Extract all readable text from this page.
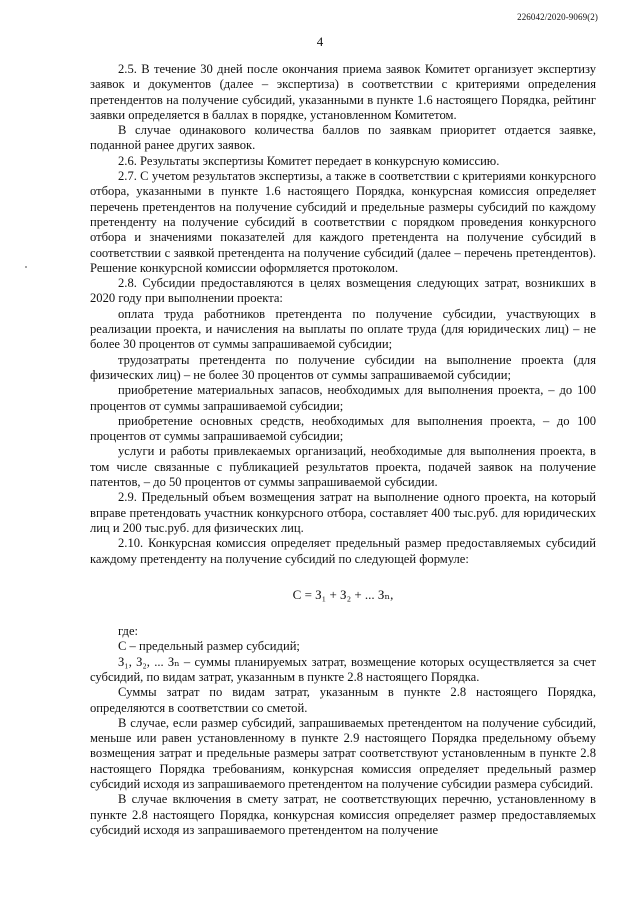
226042/2020-9069(2)
4

2.5. В течение 30 дней после окончания приема заявок Комитет организует экспертизу заявок и документов (далее – экспертиза) в соответствии с критериями определения претендентов на получение субсидий, указанными в пункте 1.6 настоящего Порядка, рейтинг заявки определяется в баллах в порядке, установленном Комитетом.

В случае одинакового количества баллов по заявкам приоритет отдается заявке, поданной ранее других заявок.

2.6. Результаты экспертизы Комитет передает в конкурсную комиссию.

2.7. С учетом результатов экспертизы, а также в соответствии с критериями конкурсного отбора, указанными в пункте 1.6 настоящего Порядка, конкурсная комиссия определяет перечень претендентов на получение субсидий и предельные размеры субсидий по каждому претенденту на получение субсидий в соответствии с порядком проведения конкурсного отбора и значениями показателей для каждого претендента на получение субсидий в соответствии с заявкой претендента на получение субсидий (далее – перечень претендентов). Решение конкурсной комиссии оформляется протоколом.

2.8. Субсидии предоставляются в целях возмещения следующих затрат, возникших в 2020 году при выполнении проекта:

оплата труда работников претендента по получение субсидии, участвующих в реализации проекта, и начисления на выплаты по оплате труда (для юридических лиц) – не более 30 процентов от суммы запрашиваемой субсидии;

трудозатраты претендента по получение субсидии на выполнение проекта (для физических лиц) – не более 30 процентов от суммы запрашиваемой субсидии;

приобретение материальных запасов, необходимых для выполнения проекта, – до 100 процентов от суммы запрашиваемой субсидии;

приобретение основных средств, необходимых для выполнения проекта, – до 100 процентов от суммы запрашиваемой субсидии;

услуги и работы привлекаемых организаций, необходимые для выполнения проекта, в том числе связанные с публикацией результатов проекта, подачей заявок на получение патентов, – до 50 процентов от суммы запрашиваемой субсидии.

2.9. Предельный объем возмещения затрат на выполнение одного проекта, на который вправе претендовать участник конкурсного отбора, составляет 400 тыс.руб. для юридических лиц и 200 тыс.руб. для физических лиц.

2.10. Конкурсная комиссия определяет предельный размер предоставляемых субсидий каждому претенденту на получение субсидий по следующей формуле:

С = З₁ + З₂ + ... Зₙ,

где:

С – предельный размер субсидий;

З₁, З₂, ... Зₙ – суммы планируемых затрат, возмещение которых осуществляется за счет субсидий, по видам затрат, указанным в пункте 2.8 настоящего Порядка.

Суммы затрат по видам затрат, указанным в пункте 2.8 настоящего Порядка, определяются в соответствии со сметой.

В случае, если размер субсидий, запрашиваемых претендентом на получение субсидий, меньше или равен установленному в пункте 2.9 настоящего Порядка предельному объему возмещения затрат и предельные размеры затрат соответствуют установленным в пункте 2.8 настоящего Порядка требованиям, конкурсная комиссия определяет предельный размер субсидий исходя из запрашиваемого претендентом на получение субсидии размера субсидий.

В случае включения в смету затрат, не соответствующих перечню, установленному в пункте 2.8 настоящего Порядка, конкурсная комиссия определяет размер предоставляемых субсидий исходя из запрашиваемого претендентом на получение
